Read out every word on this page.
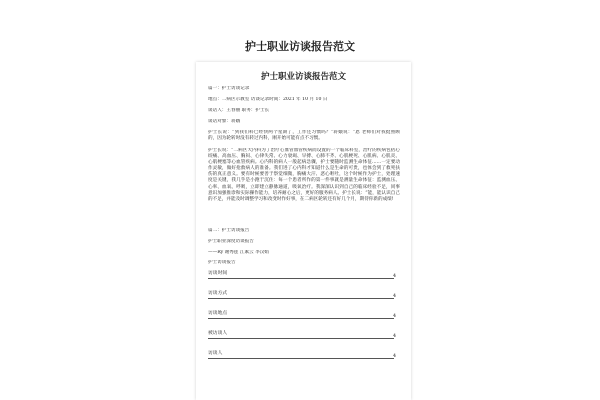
护士职业访谈报告范文
护士职业访谈报告范文
篇一：护士访谈记录
地点：二病区示教室 访谈记录时间：2021 年 10 月 10 日
谈话人：王春丽 职务：护士长
谈话对象：蒋娥
护士长说：“到我们科已经快两个星期了，工作还习惯吗？”蒋娥说：“恩 老师们对我挺照顾的，因为轮转时没有转过内科，刚开始可能有点不习惯。
护士长说：“二病区大内科为了治疗心血管血管疾病而设置的一个临床科室，治疗的疾病包括心绞痛、高血压、胸闷、心律失常、心力衰竭、早搏、心肺不齐、心肌梗死、心肌病、心肌炎、心肌梗塞等心血管疾病。心内科的病人一般起病急骤，护士要随时监测生命体征……一定要动作灵敏，做好抢救病人的准备。我们进了心内科才知道什么是生命的可贵，也体会到了救死扶伤的真正意义。要有时候要善于察觉细微，胸痛大汗、恶心呕吐，这个时候作为护士，处理速度是关键，我几乎是小跑于沉住：每一个患者所作的第一件事就是测量生命体征：监测血压、心率、血氧、呼吸，立即建立静脉通道，吸氧治疗。我深深认识到自己的临床经验不足，同事意识加强推诊和实际操作能力，培养耐心之后，更好的服务病人。护士长说：“能，能认识自己的不足，并能及时调整学习和改变时作好事，在二病区轮转还有好几个月，期待你新的成绩!
篇二：护士访谈报告
护士职业深度访谈报告
——Ry 谢秀莲 江素云 李汉娟
护士访谈报告
访谈时间
4
访谈方式
4
访谈地点
4
被访谈人
4
访谈人
4
